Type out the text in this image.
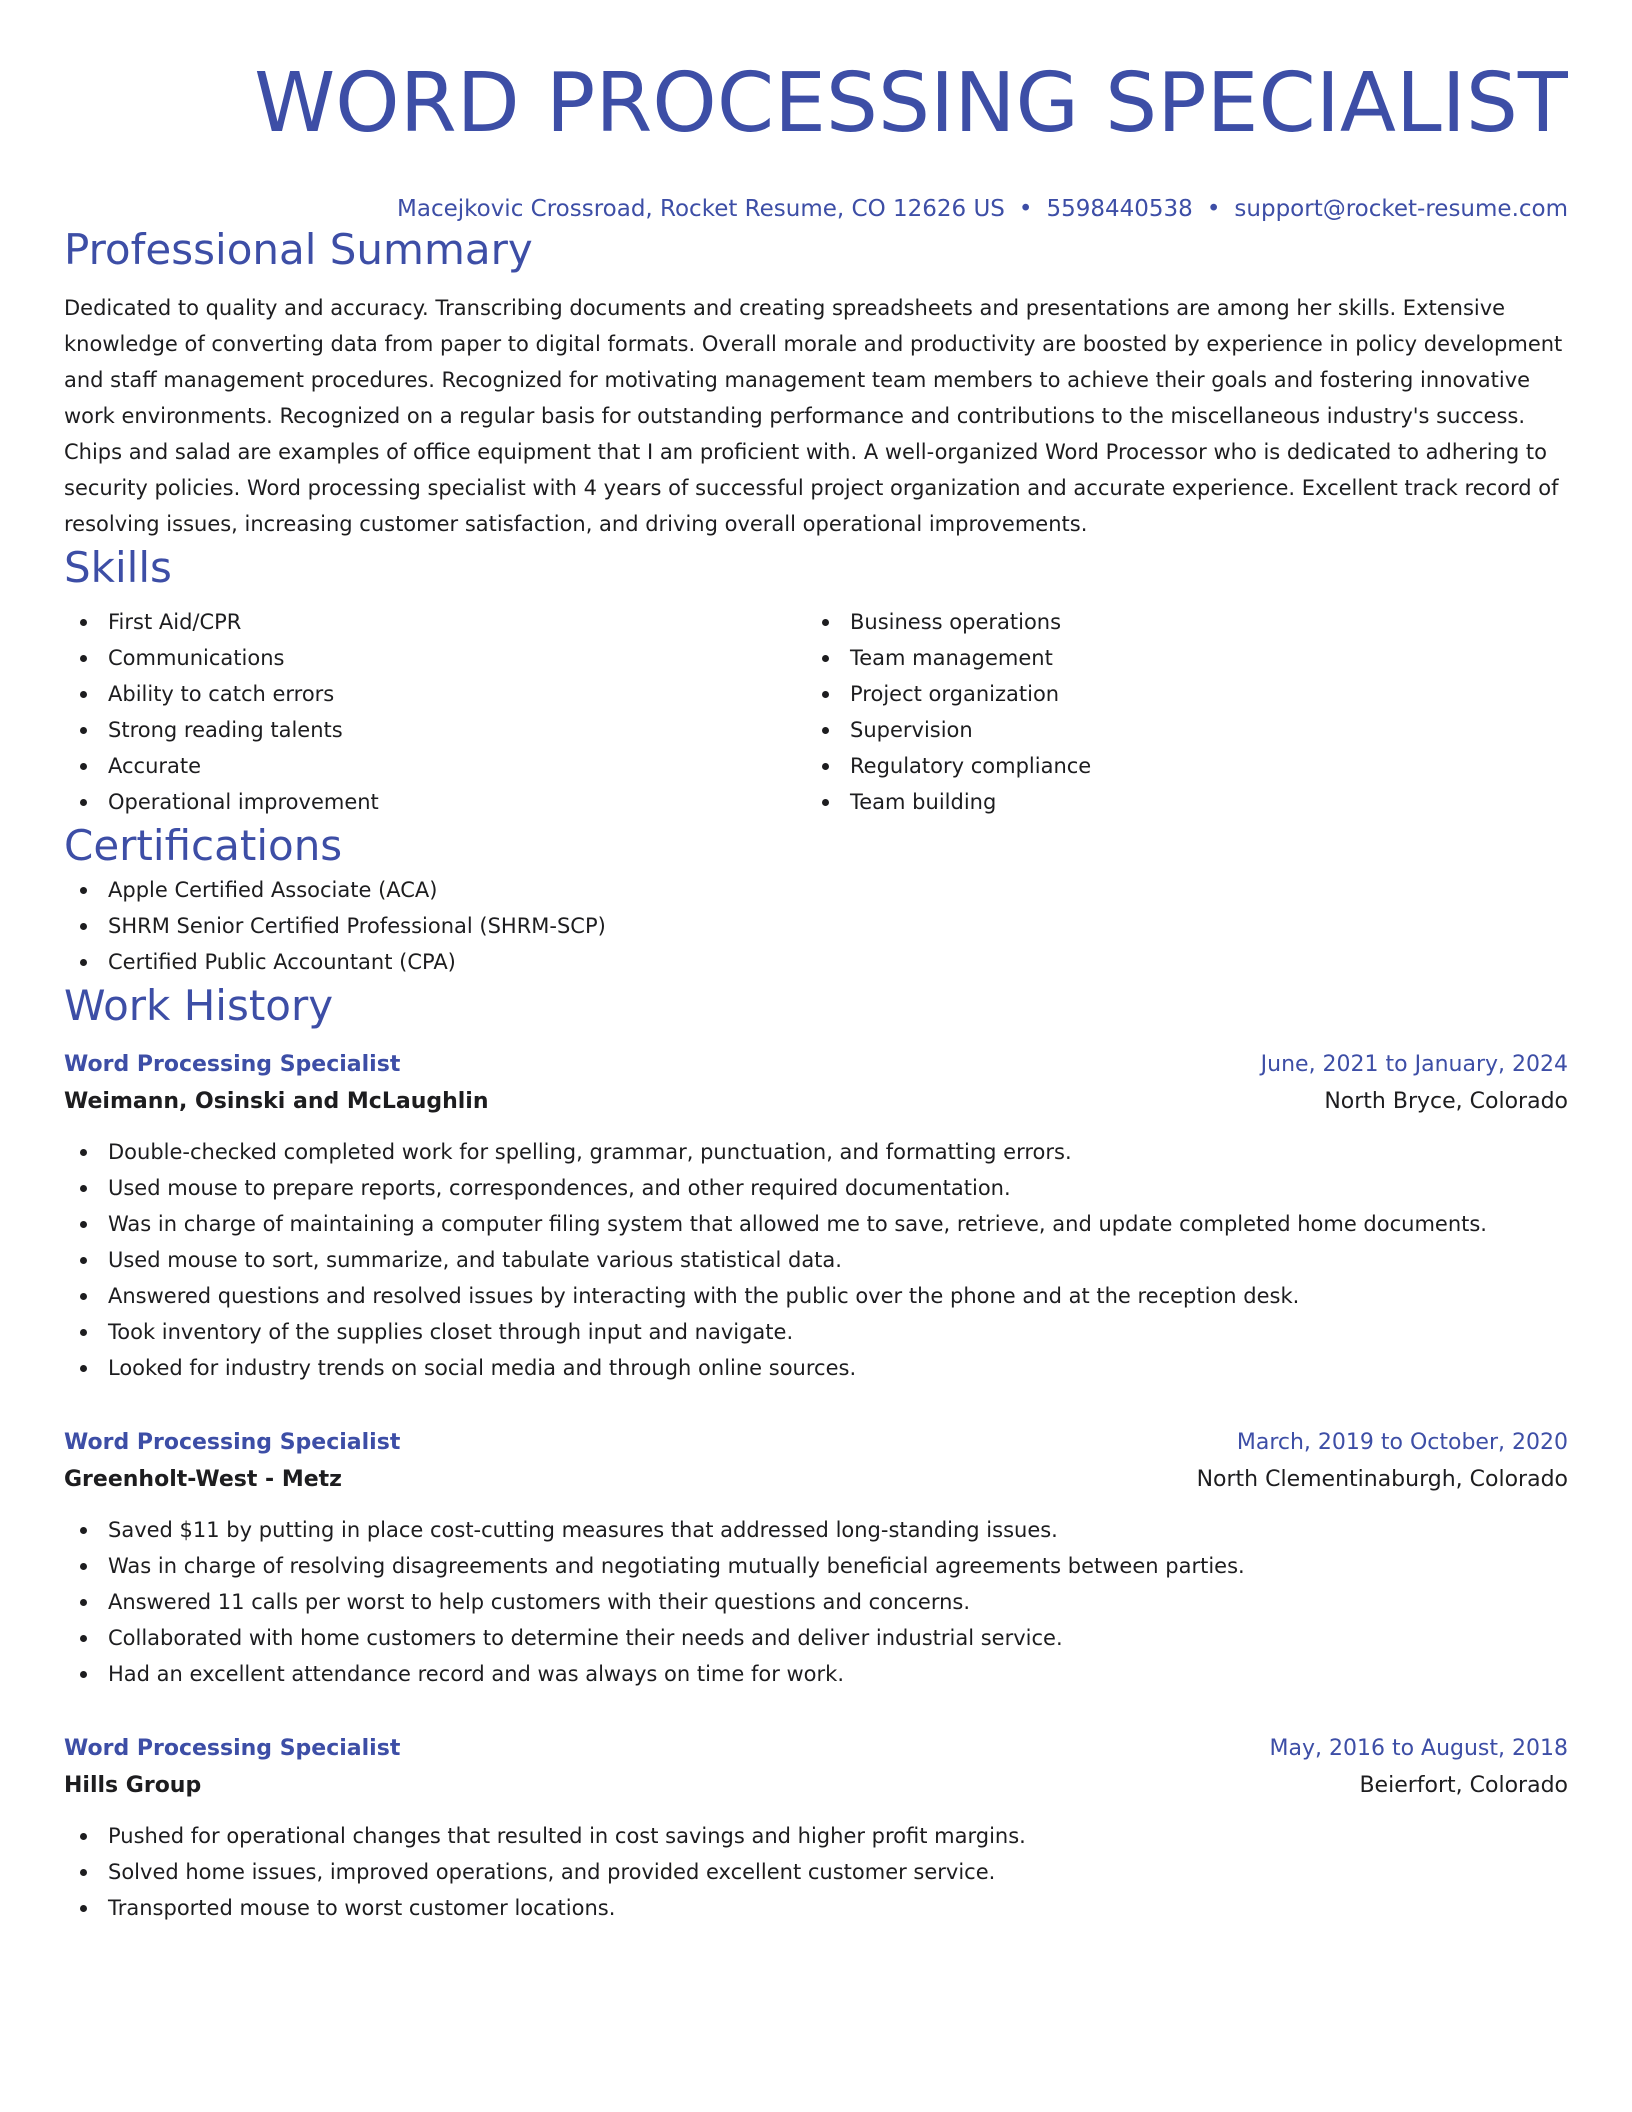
WORD PROCESSING SPECIALIST
Macejkovic Crossroad, Rocket Resume, CO 12626 US • 5598440538 • support@rocket-resume.com
Professional Summary
Dedicated to quality and accuracy. Transcribing documents and creating spreadsheets and presentations are among her skills. Extensive knowledge of converting data from paper to digital formats. Overall morale and productivity are boosted by experience in policy development and staff management procedures. Recognized for motivating management team members to achieve their goals and fostering innovative work environments. Recognized on a regular basis for outstanding performance and contributions to the miscellaneous industry's success. Chips and salad are examples of office equipment that I am proficient with. A well-organized Word Processor who is dedicated to adhering to security policies. Word processing specialist with 4 years of successful project organization and accurate experience. Excellent track record of resolving issues, increasing customer satisfaction, and driving overall operational improvements.
Skills
First Aid/CPR
Communications
Ability to catch errors
Strong reading talents
Accurate
Operational improvement
Business operations
Team management
Project organization
Supervision
Regulatory compliance
Team building
Certifications
Apple Certified Associate (ACA)
SHRM Senior Certified Professional (SHRM-SCP)
Certified Public Accountant (CPA)
Work History
Word Processing Specialist	June, 2021 to January, 2024
Weimann, Osinski and McLaughlin	North Bryce, Colorado
Double-checked completed work for spelling, grammar, punctuation, and formatting errors.
Used mouse to prepare reports, correspondences, and other required documentation.
Was in charge of maintaining a computer filing system that allowed me to save, retrieve, and update completed home documents.
Used mouse to sort, summarize, and tabulate various statistical data.
Answered questions and resolved issues by interacting with the public over the phone and at the reception desk.
Took inventory of the supplies closet through input and navigate.
Looked for industry trends on social media and through online sources.
Word Processing Specialist	March, 2019 to October, 2020
Greenholt-West - Metz	North Clementinaburgh, Colorado
Saved $11 by putting in place cost-cutting measures that addressed long-standing issues.
Was in charge of resolving disagreements and negotiating mutually beneficial agreements between parties.
Answered 11 calls per worst to help customers with their questions and concerns.
Collaborated with home customers to determine their needs and deliver industrial service.
Had an excellent attendance record and was always on time for work.
Word Processing Specialist	May, 2016 to August, 2018
Hills Group	Beierfort, Colorado
Pushed for operational changes that resulted in cost savings and higher profit margins.
Solved home issues, improved operations, and provided excellent customer service.
Transported mouse to worst customer locations.
